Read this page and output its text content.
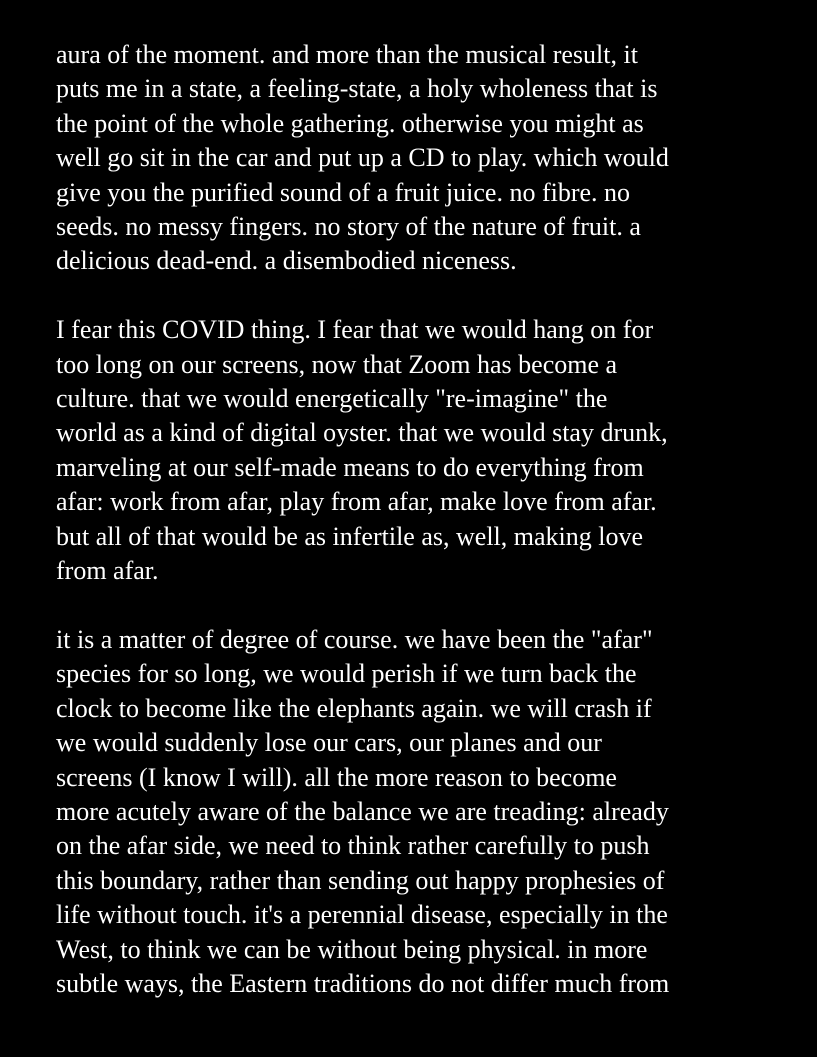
aura of the moment. and more than the musical result, it
puts me in a state, a feeling-state, a holy wholeness that is
the point of the whole gathering. otherwise you might as
well go sit in the car and put up a CD to play. which would
give you the purified sound of a fruit juice. no fibre. no
seeds. no messy fingers. no story of the nature of fruit. a
delicious dead-end. a disembodied niceness.
I fear this COVID thing. I fear that we would hang on for
too long on our screens, now that Zoom has become a
culture. that we would energetically "re-imagine" the
world as a kind of digital oyster. that we would stay drunk,
marveling at our self-made means to do everything from
afar: work from afar, play from afar, make love from afar.
but all of that would be as infertile as, well, making love
from afar.
it is a matter of degree of course. we have been the "afar"
species for so long, we would perish if we turn back the
clock to become like the elephants again. we will crash if
we would suddenly lose our cars, our planes and our
screens (I know I will). all the more reason to become
more acutely aware of the balance we are treading: already
on the afar side, we need to think rather carefully to push
this boundary, rather than sending out happy prophesies of
life without touch. it's a perennial disease, especially in the
West, to think we can be without being physical. in more
subtle ways, the Eastern traditions do not differ much from
